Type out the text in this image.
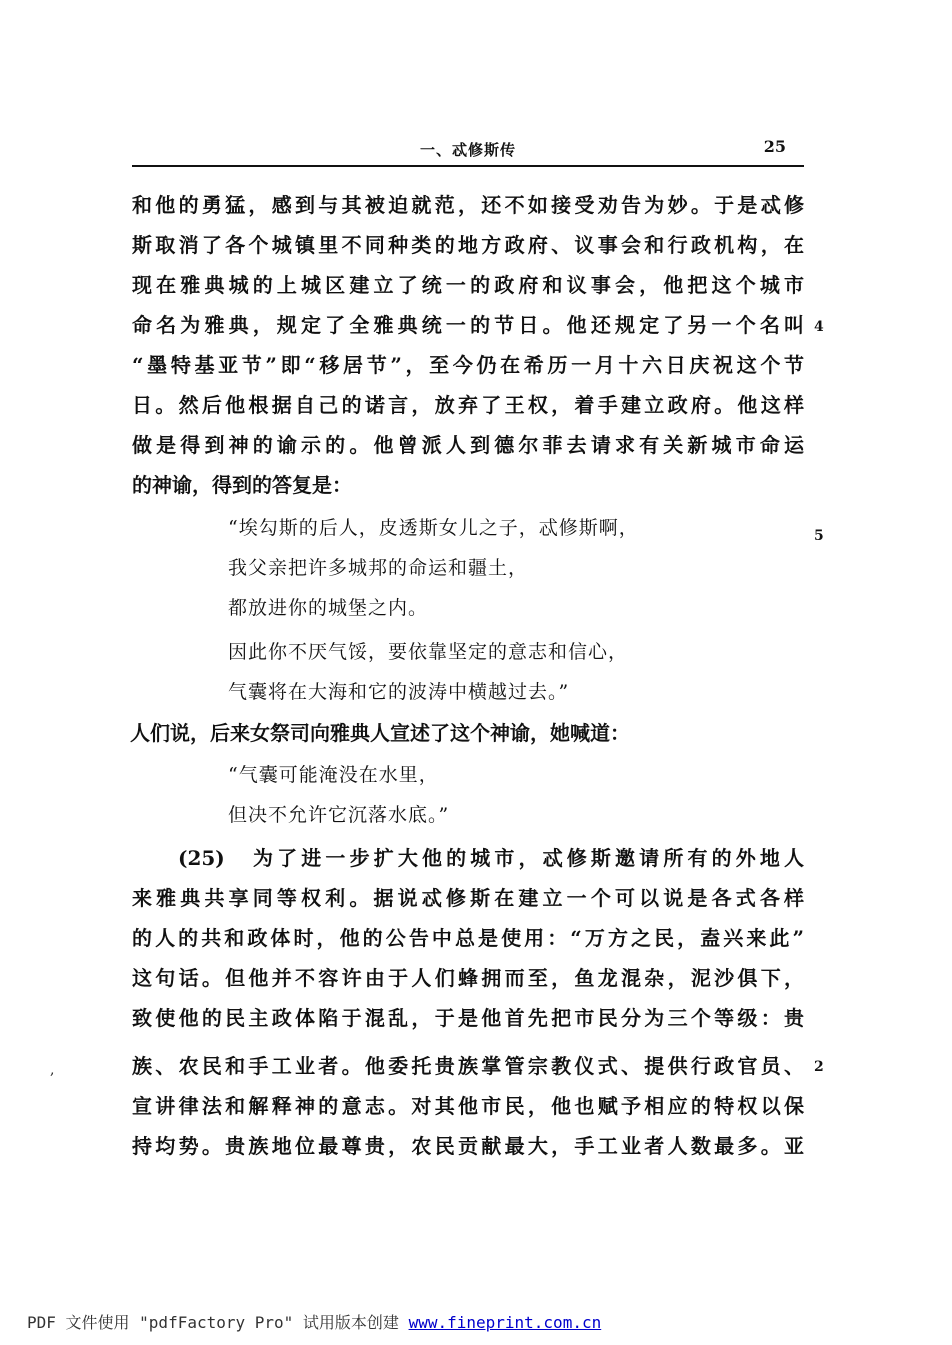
一、忒修斯传	25
和他的勇猛，感到与其被迫就范，还不如接受劝告为妙。于是忒修
斯取消了各个城镇里不同种类的地方政府、议事会和行政机构，在
现在雅典城的上城区建立了统一的政府和议事会，他把这个城市
命名为雅典，规定了全雅典统一的节日。他还规定了另一个名叫
“墨特基亚节”即“移居节”，至今仍在希历一月十六日庆祝这个节
日。然后他根据自己的诺言，放弃了王权，着手建立政府。他这样
做是得到神的谕示的。他曾派人到德尔菲去请求有关新城市命运
的神谕，得到的答复是：
“埃勾斯的后人，皮透斯女儿之子，忒修斯啊，
我父亲把许多城邦的命运和疆土，
都放进你的城堡之内。
因此你不厌气馁，要依靠坚定的意志和信心，
气囊将在大海和它的波涛中横越过去。”
人们说，后来女祭司向雅典人宣述了这个神谕，她喊道：
“气囊可能淹没在水里，
但决不允许它沉落水底。”
(25)　为了进一步扩大他的城市，忒修斯邀请所有的外地人
来雅典共享同等权利。据说忒修斯在建立一个可以说是各式各样
的人的共和政体时，他的公告中总是使用：“万方之民，盍兴来此”
这句话。但他并不容许由于人们蜂拥而至，鱼龙混杂，泥沙俱下，
致使他的民主政体陷于混乱，于是他首先把市民分为三个等级：贵
族、农民和手工业者。他委托贵族掌管宗教仪式、提供行政官员、
宣讲律法和解释神的意志。对其他市民，他也赋予相应的特权以保
持均势。贵族地位最尊贵，农民贡献最大，手工业者人数最多。亚
4
5
2
,
PDF 文件使用 "pdfFactory Pro" 试用版本创建 www.fineprint.com.cn
